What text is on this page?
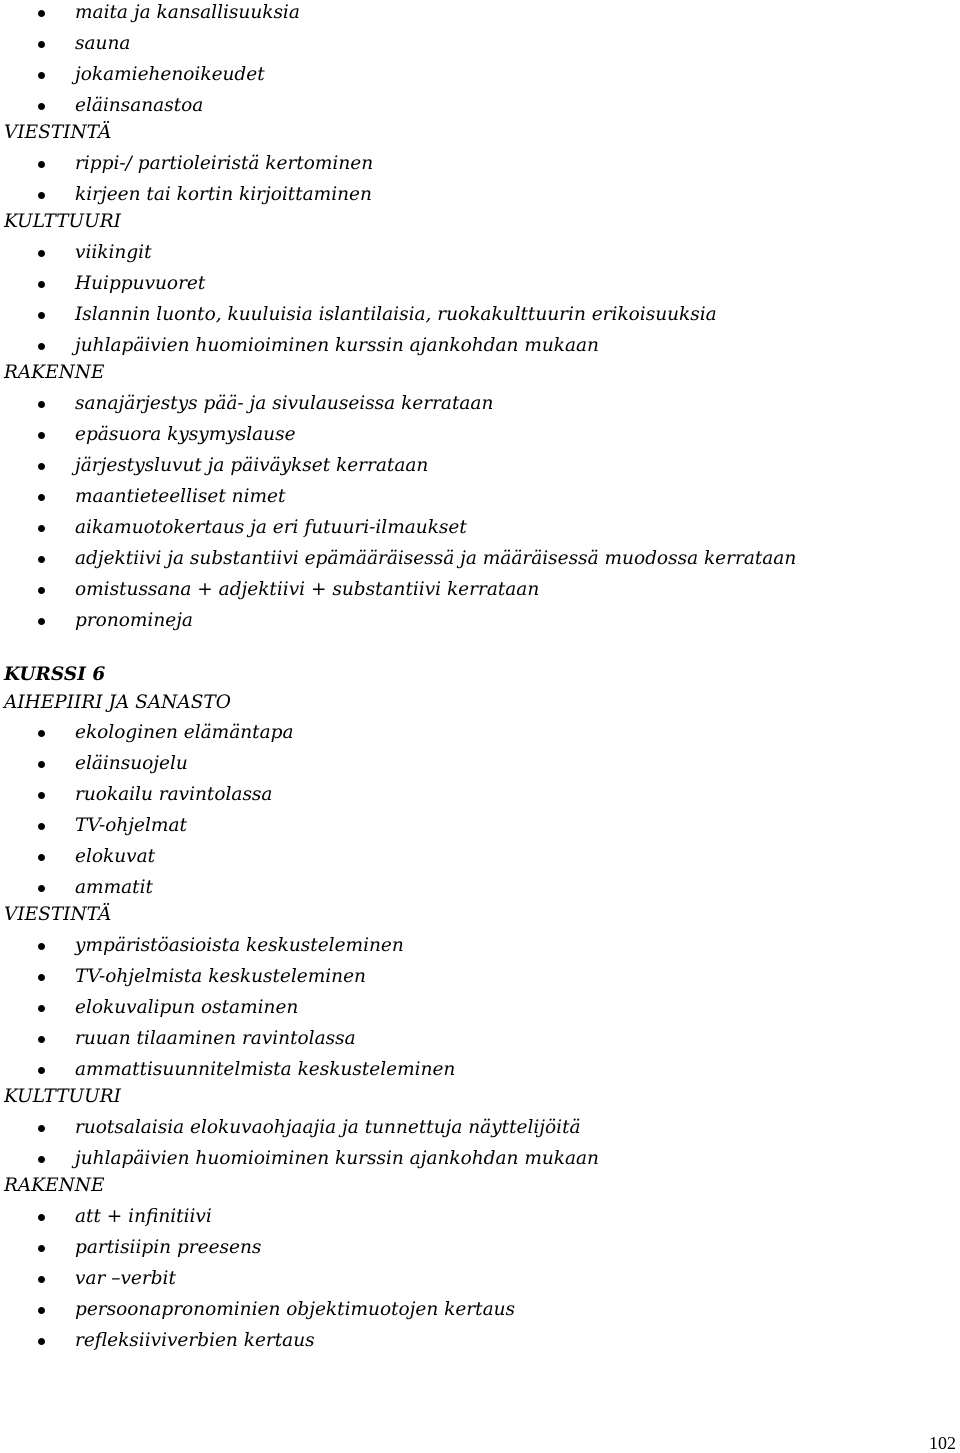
maita ja kansallisuuksia
sauna
jokamiehenoikeudet
eläinsanastoa
VIESTINTÄ
rippi-/ partioleiristä kertominen
kirjeen tai kortin kirjoittaminen
KULTTUURI
viikingit
Huippuvuoret
Islannin luonto, kuuluisia islantilaisia, ruokakulttuurin erikoisuuksia
juhlapäivien huomioiminen kurssin ajankohdan mukaan
RAKENNE
sanajärjestys pää- ja sivulauseissa kerrataan
epäsuora kysymyslause
järjestysluvut ja päiväykset kerrataan
maantieteelliset nimet
aikamuotokertaus ja eri futuuri-ilmaukset
adjektiivi ja substantiivi epämääräisessä ja määräisessä muodossa kerrataan
omistussana + adjektiivi + substantiivi kerrataan
pronomineja
KURSSI 6
AIHEPIIRI JA SANASTO
ekologinen elämäntapa
eläinsuojelu
ruokailu ravintolassa
TV-ohjelmat
elokuvat
ammatit
VIESTINTÄ
ympäristöasioista keskusteleminen
TV-ohjelmista keskusteleminen
elokuvalipun ostaminen
ruuan tilaaminen ravintolassa
ammattisuunnitelmista keskusteleminen
KULTTUURI
ruotsalaisia elokuvaohjaajia ja tunnettuja näyttelijöitä
juhlapäivien huomioiminen kurssin ajankohdan mukaan
RAKENNE
att + infinitiivi
partisiipin preesens
var –verbit
persoonapronominien objektimuotojen kertaus
refleksiiviverbien kertaus
102
